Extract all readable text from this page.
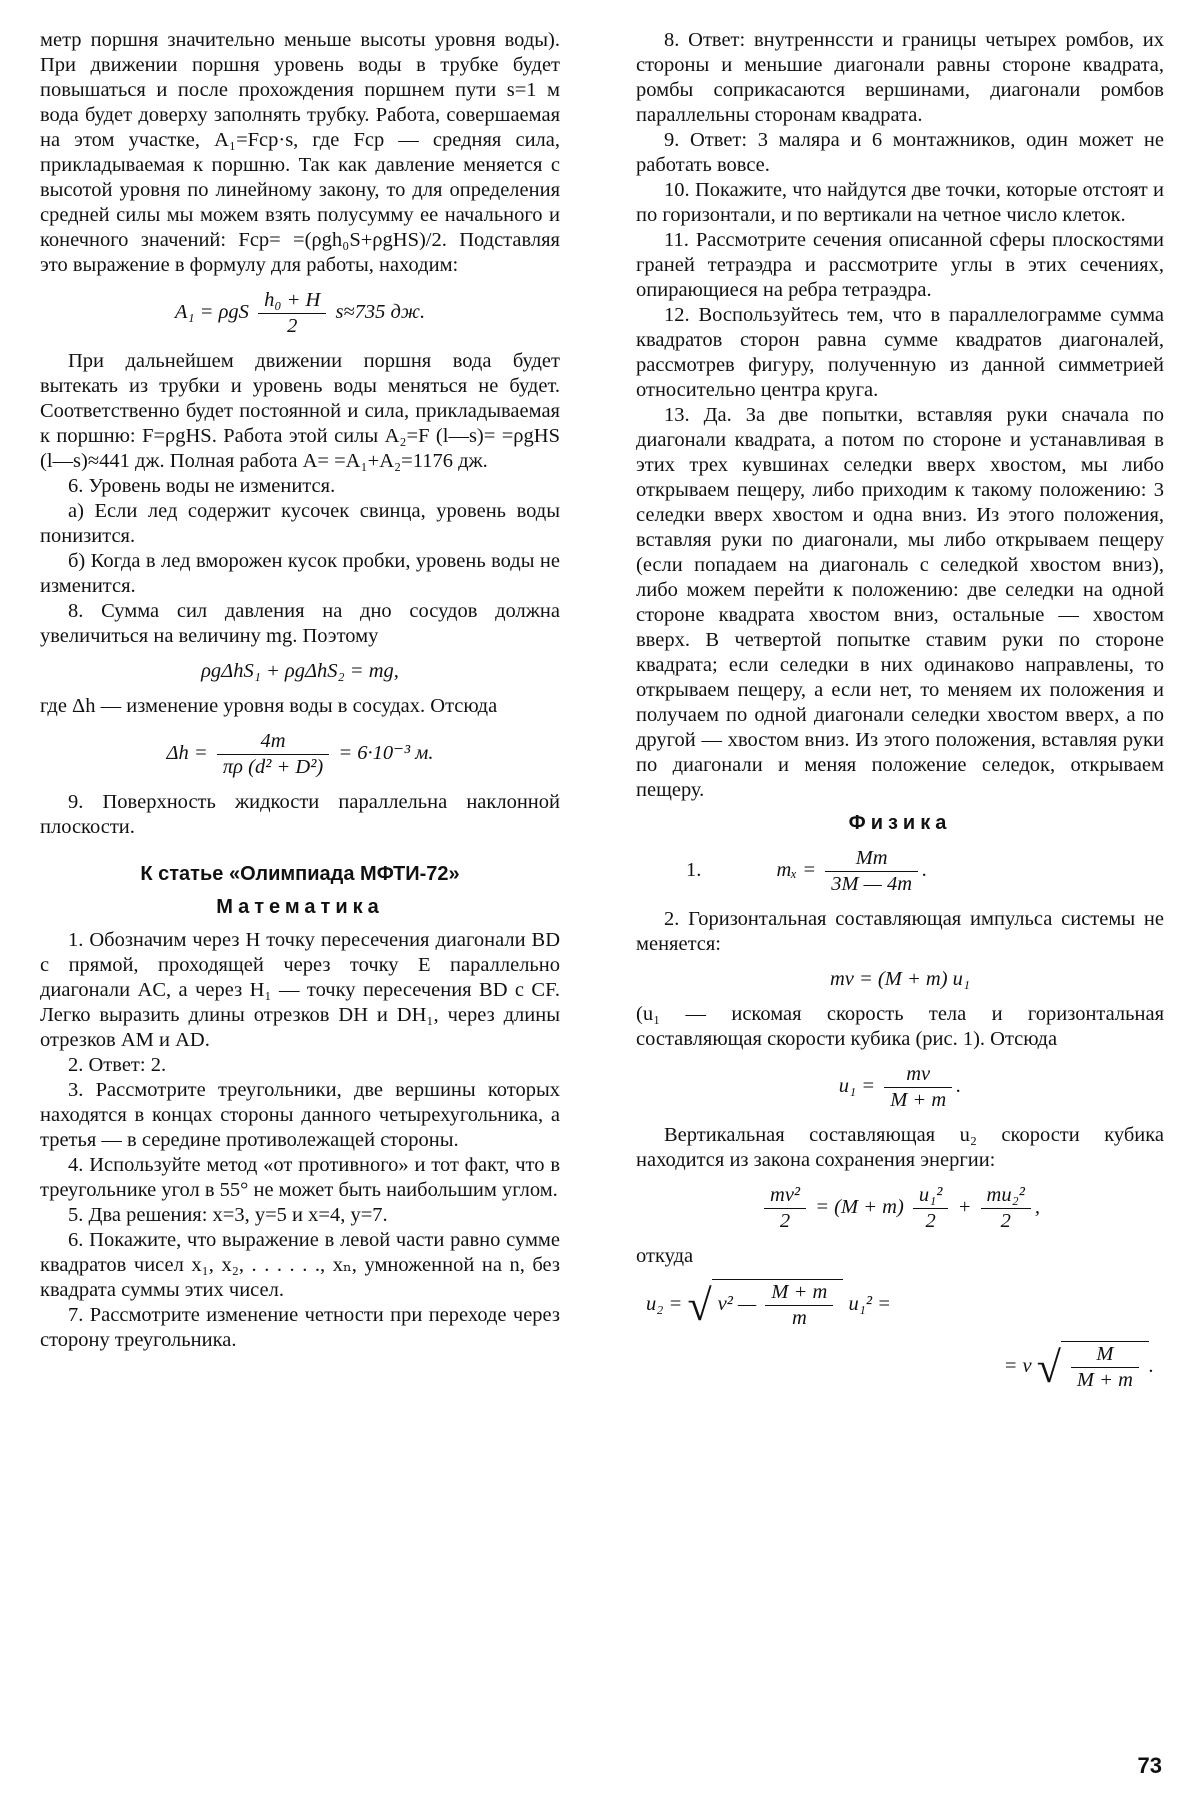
метр поршня значительно меньше высоты уровня воды). При движении поршня уровень воды в трубке будет повышаться и после прохождения поршнем пути s=1 м вода будет доверху заполнять трубку. Работа, совершаемая на этом участке, A₁=Fср·s, где Fср — средняя сила, прикладываемая к поршню. Так как давление меняется с высотой уровня по линейному закону, то для определения средней силы мы можем взять полусумму ее начального и конечного значений: Fср= =(ρgh₀S+ρgHS)/2. Подставляя это выражение в формулу для работы, находим:

A₁ = ρgS $\frac{\text{h₀ + H}}{2} s\approx 735$ дж.

При дальнейшем движении поршня вода будет вытекать из трубки и уровень воды меняться не будет. Соответственно будет постоянной и сила, прикладываемая к поршню: F=ρgHS. Работа этой силы A₂=F (l—s)= =ρgHS (l—s)≈441 дж. Полная работа A= =A₁+A₂=1176 дж.

6. Уровень воды не изменится.

а) Если лед содержит кусочек свинца, уровень воды понизится.

б) Когда в лед вморожен кусок пробки, уровень воды не изменится.

8. Сумма сил давления на дно сосудов должна увеличиться на величину mg. Поэтому

ρgΔhS₁ + ρgΔhS₂ = mg,

где Δh — изменение уровня воды в сосудах. Отсюда

$\Delta h = \frac{4m}{\text{πρ (d² + D²)}} = 6\cdot 10^{-3}$ м.

9. Поверхность жидкости параллельна наклонной плоскости.

К статье «Олимпиада МФТИ-72»
Математика

1. Обозначим через H точку пересечения диагонали BD с прямой, проходящей через точку E параллельно диагонали AC, а через H₁ — точку пересечения BD с CF. Легко выразить длины отрезков DH и DH₁, через длины отрезков AM и AD.

2. Ответ: 2.

3. Рассмотрите треугольники, две вершины которых находятся в концах стороны данного четырехугольника, а третья — в середине противолежащей стороны.

4. Используйте метод «от противного» и тот факт, что в треугольнике угол в 55° не может быть наибольшим углом.

5. Два решения: x=3, y=5 и x=4, y=7.

6. Покажите, что выражение в левой части равно сумме квадратов чисел x₁, x₂, . . . . . ., xₙ, умноженной на n, без квадрата суммы этих чисел.

7. Рассмотрите изменение четности при переходе через сторону треугольника.

8. Ответ: внутреннсcти и границы четырех ромбов, их стороны и меньшие диагонали равны стороне квадрата, ромбы соприкасаются вершинами, диагонали ромбов параллельны сторонам квадрата.

9. Ответ: 3 маляра и 6 монтажников, один может не работать вовсе.

10. Покажите, что найдутся две точки, которые отстоят и по горизонтали, и по вертикали на четное число клеток.

11. Рассмотрите сечения описанной сферы плоскостями граней тетраэдра и рассмотрите углы в этих сечениях, опирающиеся на ребра тетраэдра.

12. Воспользуйтесь тем, что в параллелограмме сумма квадратов сторон равна сумме квадратов диагоналей, рассмотрев фигуру, полученную из данной симметрией относительно центра круга.

13. Да. За две попытки, вставляя руки сначала по диагонали квадрата, а потом по стороне и устанавливая в этих трех кувшинах селедки вверх хвостом, мы либо открываем пещеру, либо приходим к такому положению: 3 селедки вверх хвостом и одна вниз. Из этого положения, вставляя руки по диагонали, мы либо открываем пещеру (если попадаем на диагональ с селедкой хвостом вниз), либо можем перейти к положению: две селедки на одной стороне квадрата хвостом вниз, остальные — хвостом вверх. В четвертой попытке ставим руки по стороне квадрата; если селедки в них одинаково направлены, то открываем пещеру, а если нет, то меняем их положения и получаем по одной диагонали селедки хвостом вверх, а по другой — хвостом вниз. Из этого положения, вставляя руки по диагонали и меняя положение селедок, открываем пещеру.

Физика
1.	$m_x = \frac{Mm}{3M — 4m}$ .

2. Горизонтальная составляющая импульса системы не меняется:

mv = (M + m) u₁

(u₁ — искомая скорость тела и горизонтальная составляющая скорости кубика (рис. 1). Отсюда

$u_1 = \frac{mv}{M + m}$ .

Вертикальная составляющая u₂ скорости кубика находится из закона сохранения энергии:

$\frac{\text{mv²}}{2} = (M + m) \frac{\text{u₁²}}{2} + \frac{\text{mu₂²}}{2}$ ,

откуда

u₂ = √ v² — $\frac{M + m}{m} u_1^2$ =
= v √ $\frac{M}{M + m}$ .
73
